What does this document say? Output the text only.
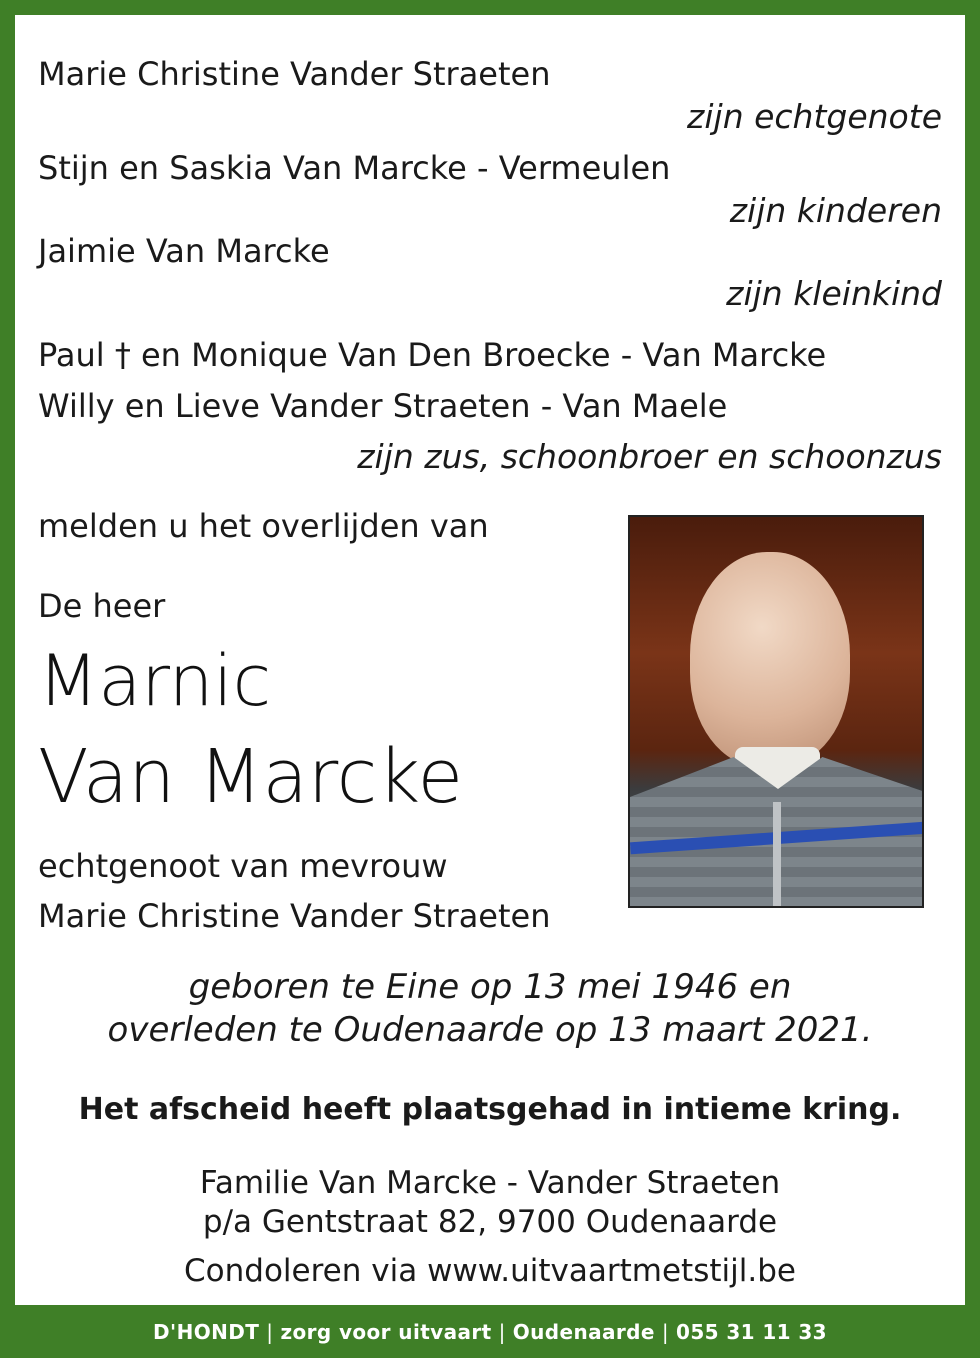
Marie Christine Vander Straeten
zijn echtgenote
Stijn en Saskia Van Marcke - Vermeulen
zijn kinderen
Jaimie Van Marcke
zijn kleinkind
Paul † en Monique Van Den Broecke - Van Marcke
Willy en Lieve Vander Straeten - Van Maele
zijn zus, schoonbroer en schoonzus
melden u het overlijden van
De heer
Marnic
Van Marcke
echtgenoot van mevrouw
Marie Christine Vander Straeten
geboren te Eine op 13 mei 1946 en
overleden te Oudenaarde op 13 maart 2021.
Het afscheid heeft plaatsgehad in intieme kring.
Familie Van Marcke - Vander Straeten
p/a Gentstraat 82, 9700 Oudenaarde
Condoleren via www.uitvaartmetstijl.be
D'HONDT | zorg voor uitvaart | Oudenaarde | 055 31 11 33
